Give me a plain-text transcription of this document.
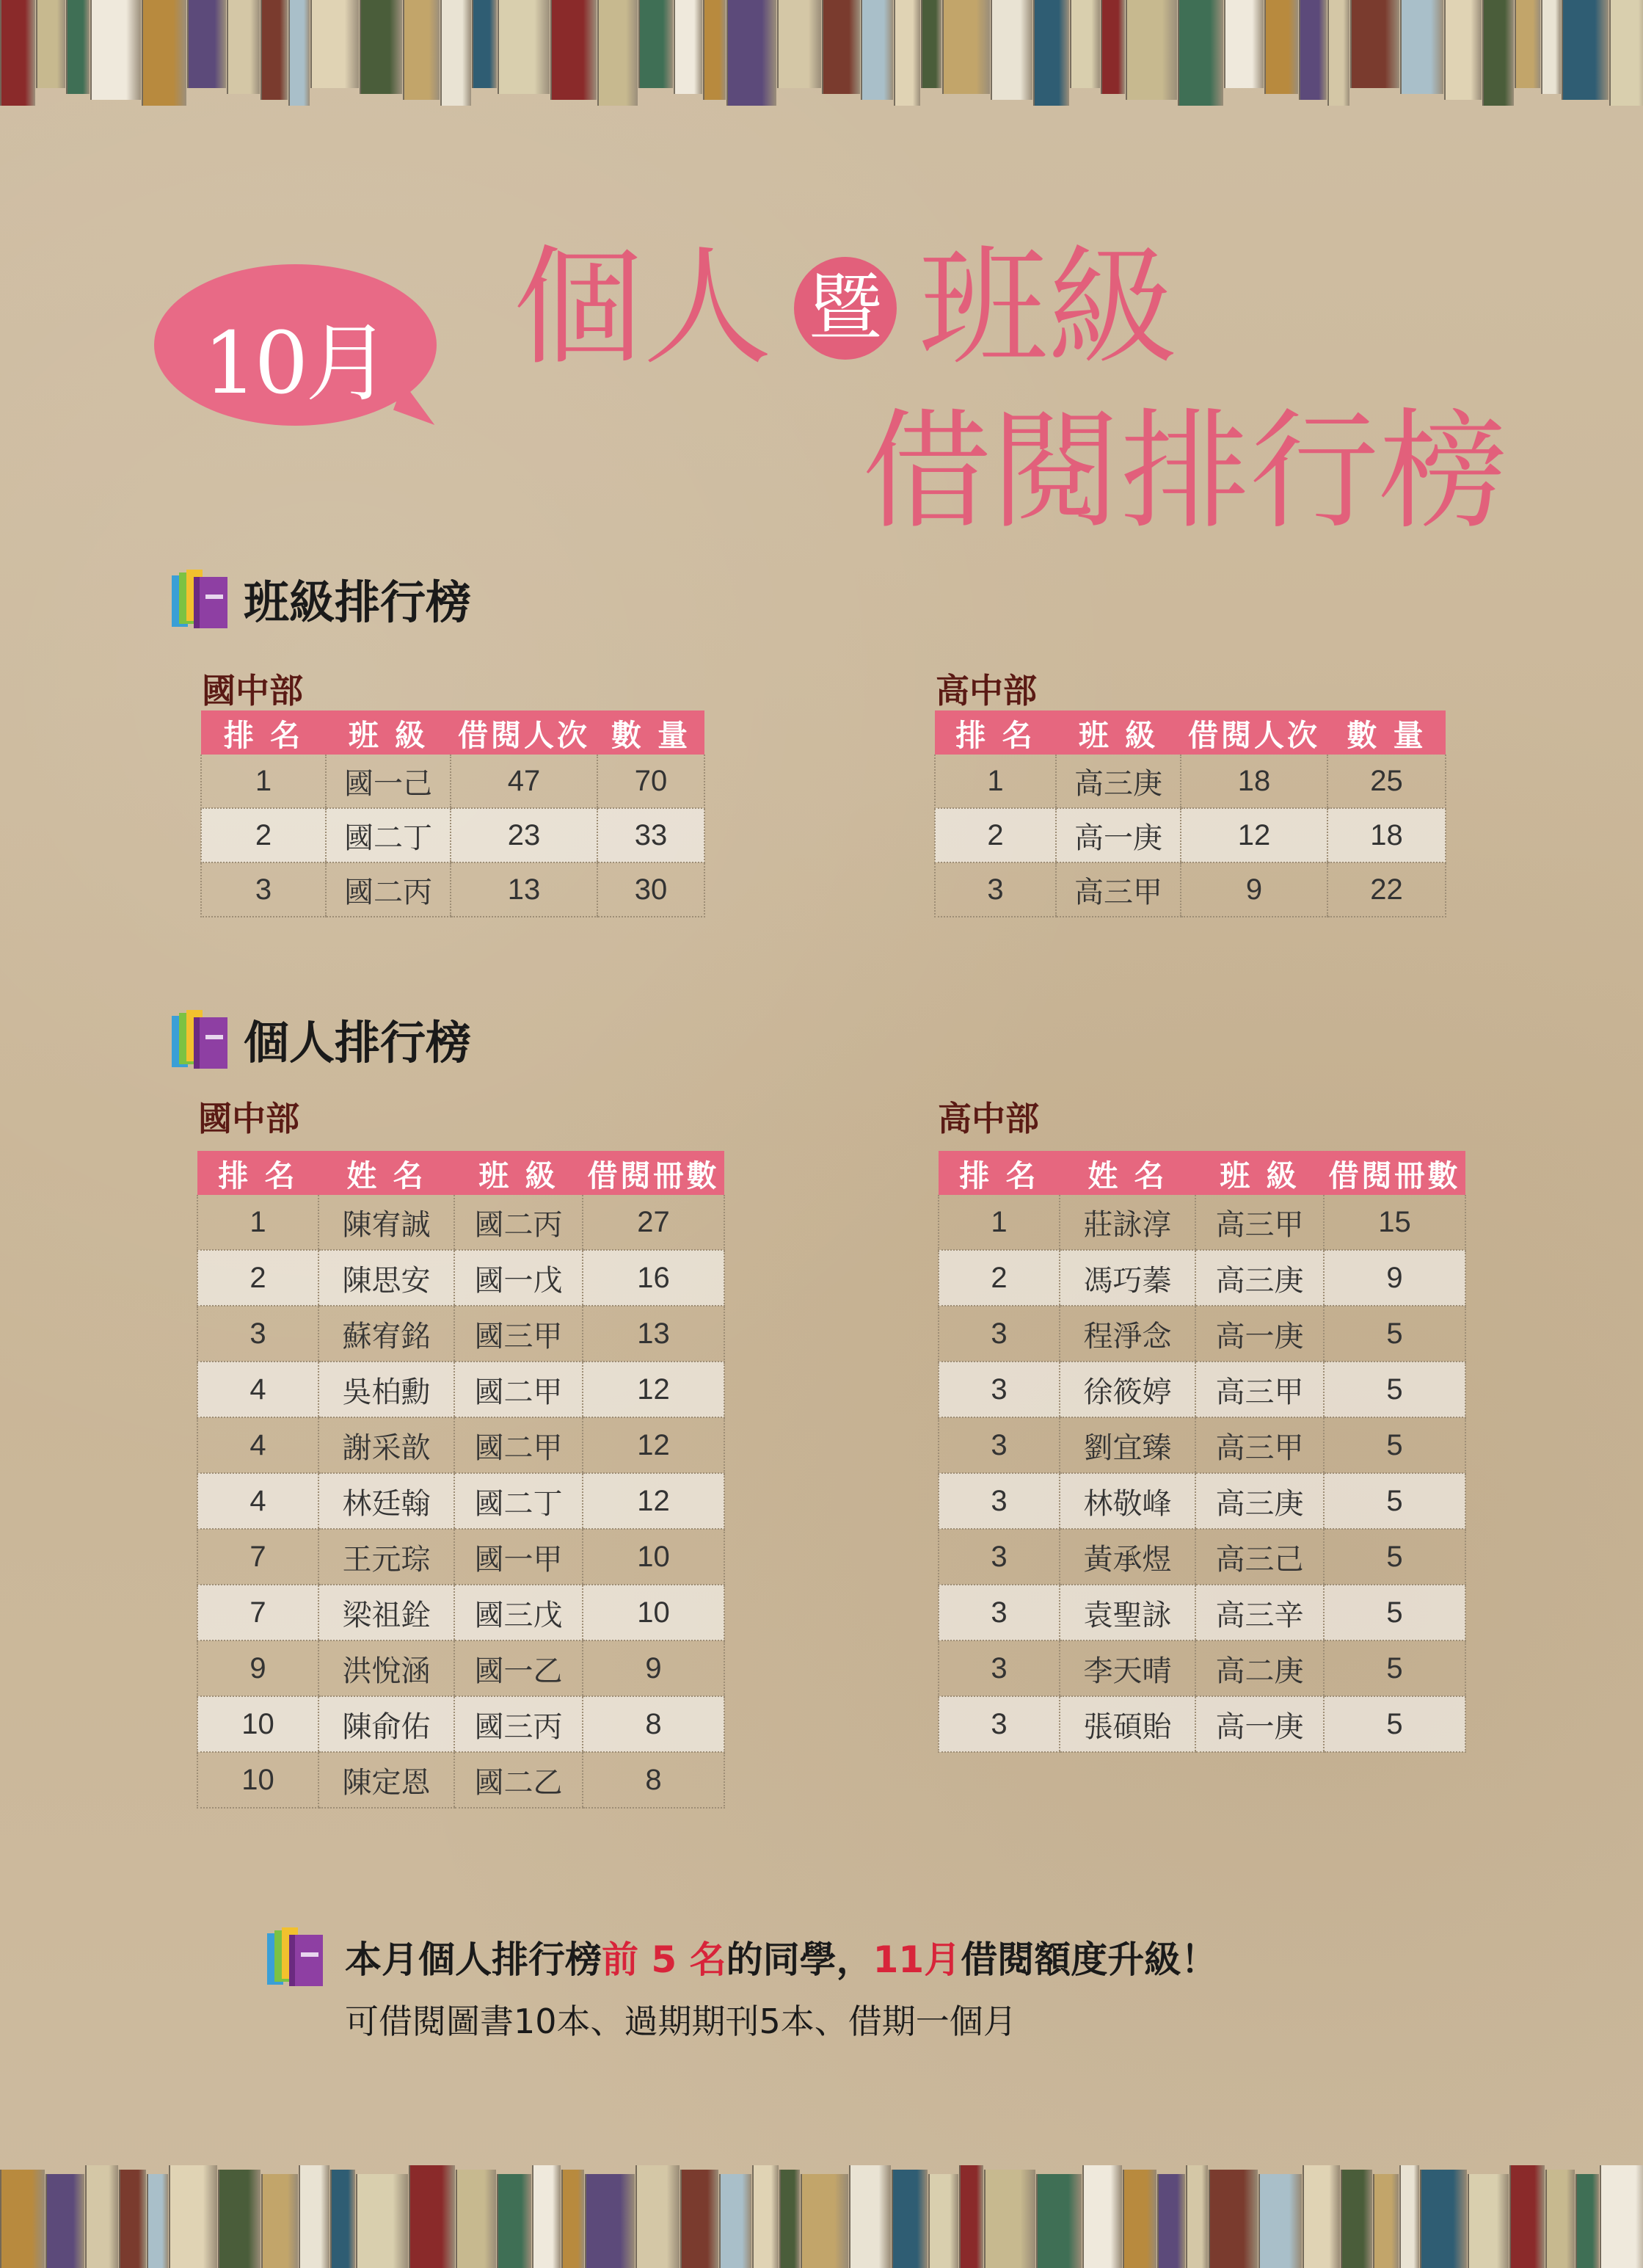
10月 個人 暨 班級
借閱排行榜
班級排行榜
國中部
排 名	班 級	借閱人次	數 量
1	國一己	47	70
2	國二丁	23	33
3	國二丙	13	30
高中部
排 名	班 級	借閱人次	數 量
1	高三庚	18	25
2	高一庚	12	18
3	高三甲	9	22
個人排行榜
國中部
排 名	姓 名	班 級	借閱冊數
1	陳宥誠	國二丙	27
2	陳思安	國一戊	16
3	蘇宥銘	國三甲	13
4	吳柏勳	國二甲	12
4	謝采歆	國二甲	12
4	林廷翰	國二丁	12
7	王元琮	國一甲	10
7	梁祖銓	國三戊	10
9	洪悅涵	國一乙	9
10	陳俞佑	國三丙	8
10	陳定恩	國二乙	8
高中部
排 名	姓 名	班 級	借閱冊數
1	莊詠淳	高三甲	15
2	馮巧蓁	高三庚	9
3	程淨念	高一庚	5
3	徐筱婷	高三甲	5
3	劉宜臻	高三甲	5
3	林敬峰	高三庚	5
3	黃承煜	高三己	5
3	袁聖詠	高三辛	5
3	李天晴	高二庚	5
3	張碩貽	高一庚	5
本月個人排行榜前 5 名的同學，11月借閱額度升級！
可借閱圖書10本、過期期刊5本、借期一個月
